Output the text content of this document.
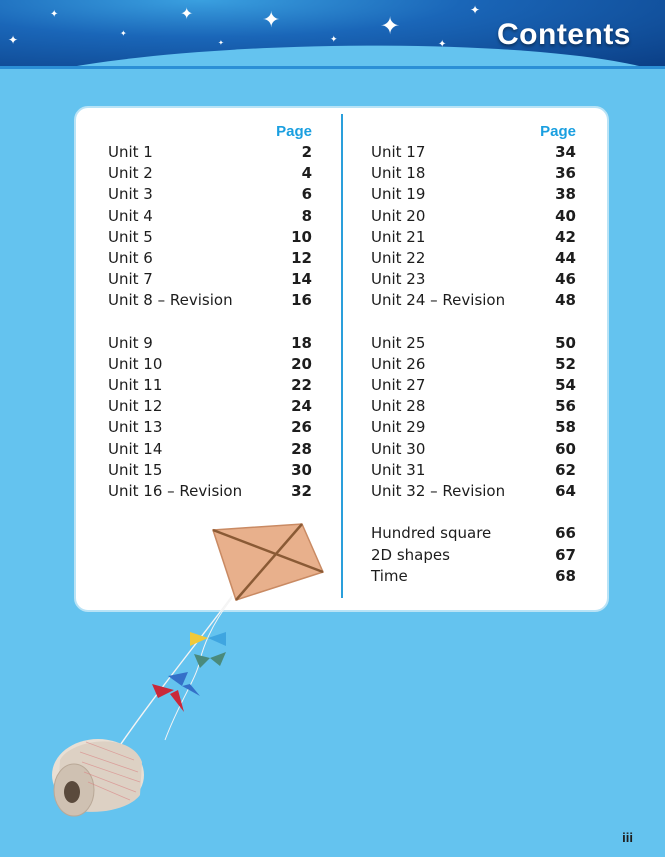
✦
✦
✦	✦
✦ ✦
✦
✦
✦	✦	Contents
Page
Unit 1	2
Unit 2	4
Unit 3	6
Unit 4	8
Unit 5	10
Unit 6	12
Unit 7	14
Unit 8 – Revision	16
Unit 9	18
Unit 10	20
Unit 11	22
Unit 12	24
Unit 13	26
Unit 14	28
Unit 15	30
Unit 16 – Revision	32
Page
Unit 17	34
Unit 18	36
Unit 19	38
Unit 20	40
Unit 21	42
Unit 22	44
Unit 23	46
Unit 24 – Revision	48
Unit 25	50
Unit 26	52
Unit 27	54
Unit 28	56
Unit 29	58
Unit 30	60
Unit 31	62
Unit 32 – Revision	64
Hundred square	66
2D shapes	67
Time	68
iii
